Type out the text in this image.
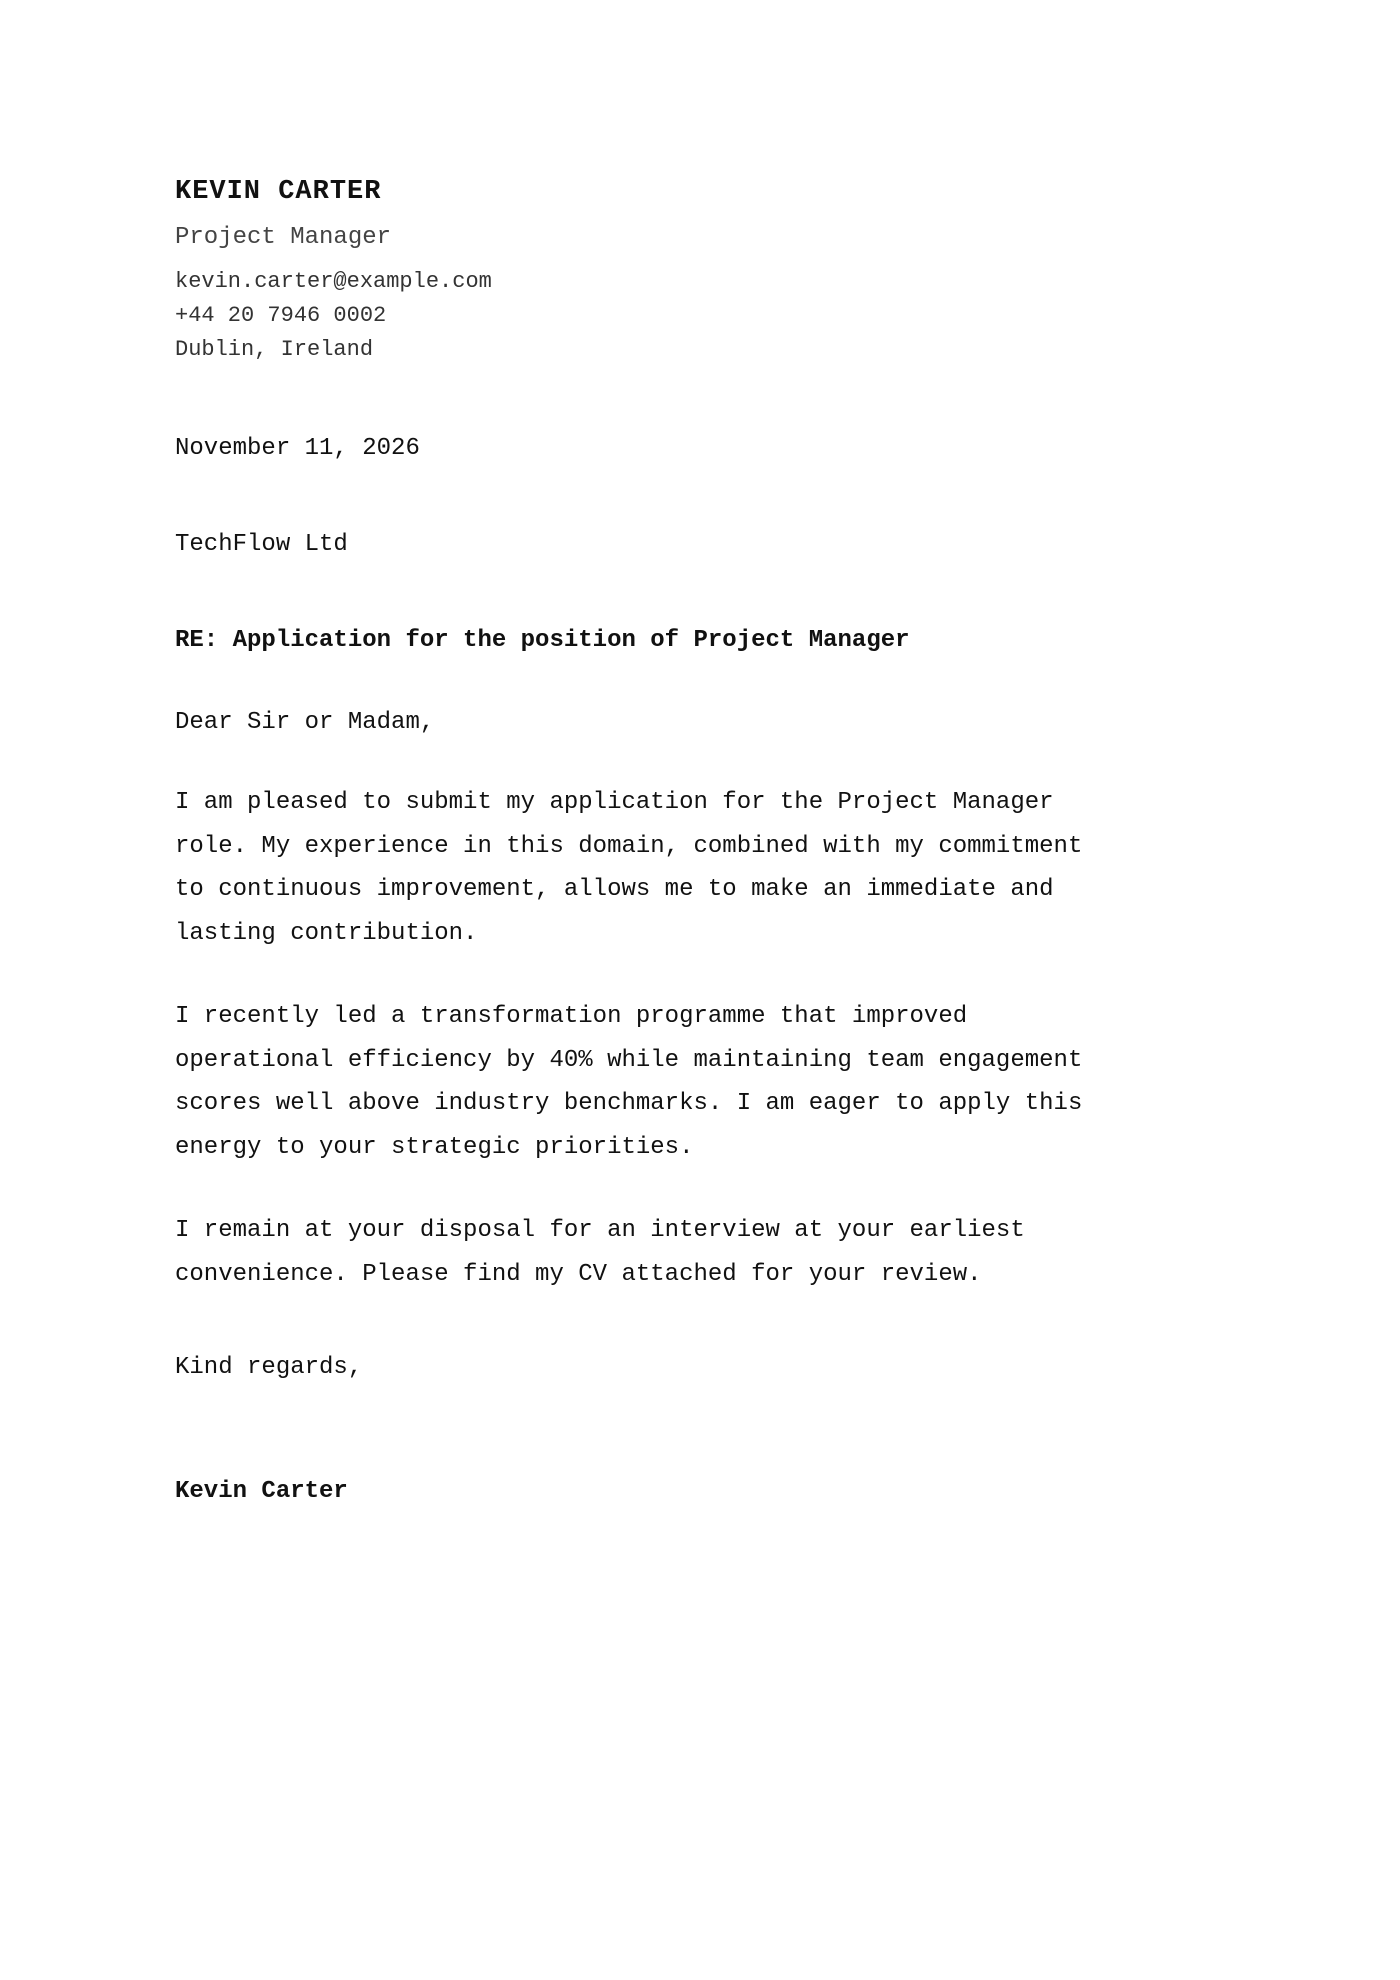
KEVIN CARTER
Project Manager
kevin.carter@example.com
+44 20 7946 0002
Dublin, Ireland
November 11, 2026
TechFlow Ltd
RE: Application for the position of Project Manager
Dear Sir or Madam,
I am pleased to submit my application for the Project Manager
role. My experience in this domain, combined with my commitment
to continuous improvement, allows me to make an immediate and
lasting contribution.
I recently led a transformation programme that improved
operational efficiency by 40% while maintaining team engagement
scores well above industry benchmarks. I am eager to apply this
energy to your strategic priorities.
I remain at your disposal for an interview at your earliest
convenience. Please find my CV attached for your review.
Kind regards,
Kevin Carter
